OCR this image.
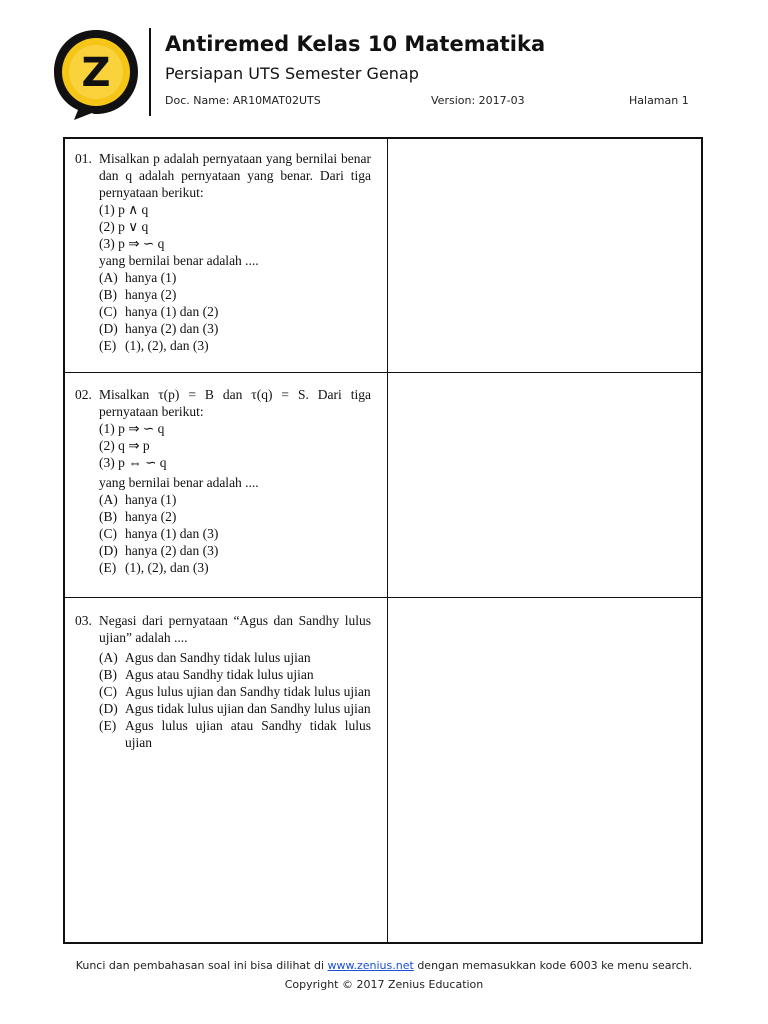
Z
Antiremed Kelas 10 Matematika
Persiapan UTS Semester Genap
Doc. Name: AR10MAT02UTS	Version: 2017-03	Halaman 1
01. Misalkan p adalah pernyataan yang bernilai benar dan q adalah pernyataan yang benar. Dari tiga pernyataan berikut:
(1) p ∧ q
(2) p ∨ q
(3) p ⇒ ∽ q
yang bernilai benar adalah ....
(A) hanya (1)
(B) hanya (2)
(C) hanya (1) dan (2)
(D) hanya (2) dan (3)
(E) (1), (2), dan (3)
02. Misalkan τ(p) = B dan τ(q) = S. Dari tiga pernyataan berikut:
(1) p ⇒ ∽ q
(2) q ⇒ p
(3) p ⇔ ∽ q
yang bernilai benar adalah ....
(A) hanya (1)
(B) hanya (2)
(C) hanya (1) dan (3)
(D) hanya (2) dan (3)
(E) (1), (2), dan (3)
03. Negasi dari pernyataan “Agus dan Sandhy lulus ujian” adalah ....
(A) Agus dan Sandhy tidak lulus ujian
(B) Agus atau Sandhy tidak lulus ujian
(C) Agus lulus ujian dan Sandhy tidak lulus ujian
(D) Agus tidak lulus ujian dan Sandhy lulus ujian
(E) Agus lulus ujian atau Sandhy tidak lulus ujian
Kunci dan pembahasan soal ini bisa dilihat di www.zenius.net dengan memasukkan kode 6003 ke menu search.
Copyright © 2017 Zenius Education
